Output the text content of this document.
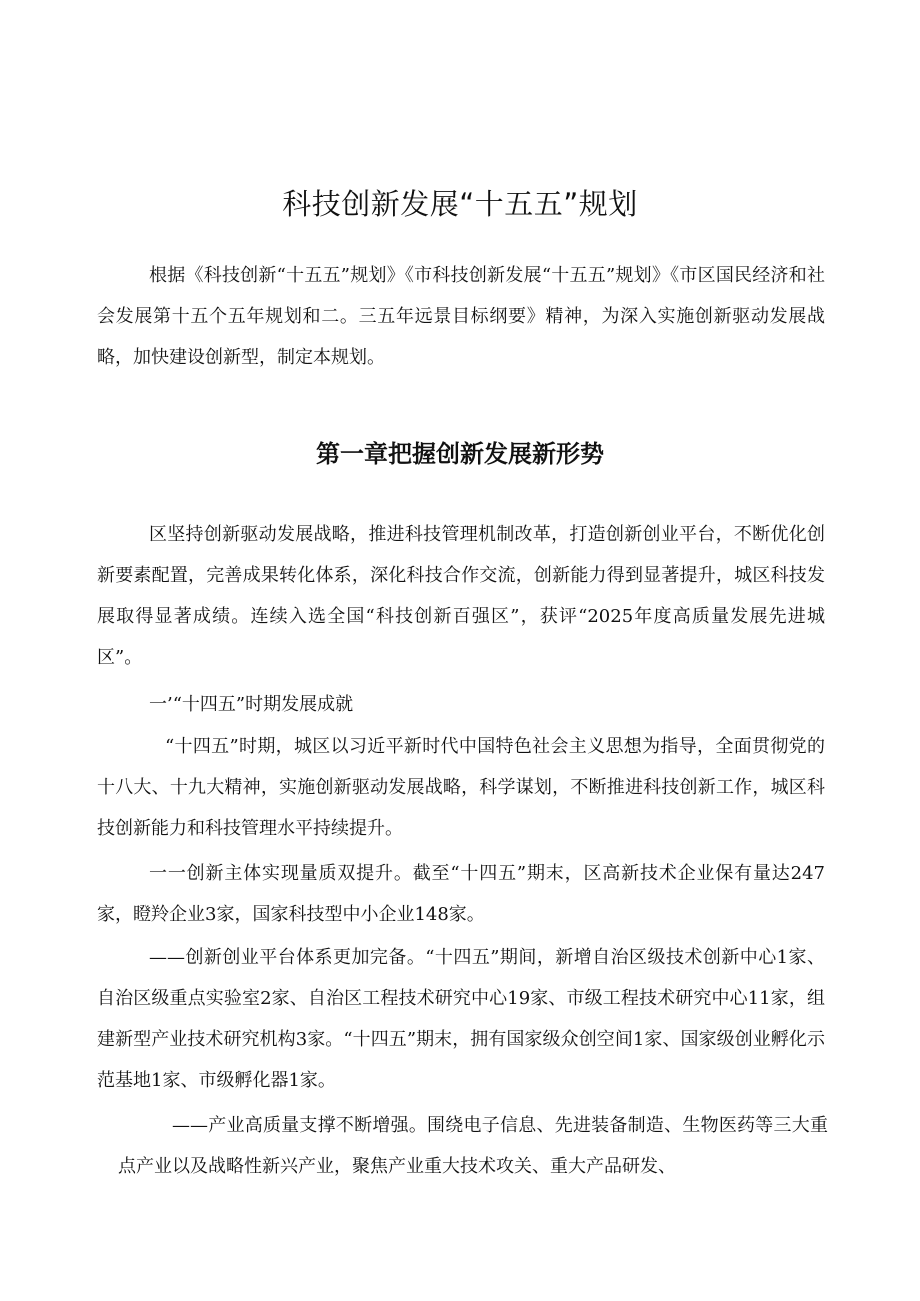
科技创新发展“十五五”规划

根据《科技创新“十五五”规划》《市科技创新发展“十五五”规划》《市区国民经济和社会发展第十五个五年规划和二。三五年远景目标纲要》精神，为深入实施创新驱动发展战略，加快建设创新型，制定本规划。

第一章把握创新发展新形势

区坚持创新驱动发展战略，推进科技管理机制改革，打造创新创业平台，不断优化创新要素配置，完善成果转化体系，深化科技合作交流，创新能力得到显著提升，城区科技发展取得显著成绩。连续入选全国“科技创新百强区”，获评“2025年度高质量发展先进城区”。

一’“十四五”时期发展成就

“十四五”时期，城区以习近平新时代中国特色社会主义思想为指导，全面贯彻党的十八大、十九大精神，实施创新驱动发展战略，科学谋划，不断推进科技创新工作，城区科技创新能力和科技管理水平持续提升。

一一创新主体实现量质双提升。截至“十四五”期末，区高新技术企业保有量达247家，瞪羚企业3家，国家科技型中小企业148家。

——创新创业平台体系更加完备。“十四五”期间，新增自治区级技术创新中心1家、自治区级重点实验室2家、自治区工程技术研究中心19家、市级工程技术研究中心11家，组建新型产业技术研究机构3家。“十四五”期末，拥有国家级众创空间1家、国家级创业孵化示范基地1家、市级孵化器1家。

——产业高质量支撑不断增强。围绕电子信息、先进装备制造、生物医药等三大重点产业以及战略性新兴产业，聚焦产业重大技术攻关、重大产品研发、
